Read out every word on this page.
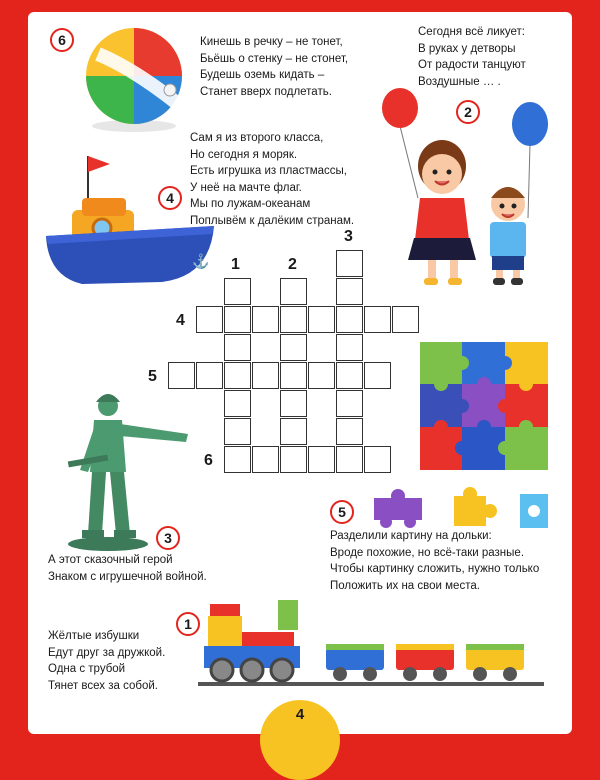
6	Кинешь в речку – не тонет,
Бьёшь о стенку – не стонет,
Будешь оземь кидать –
Станет вверх подлетать.
Сегодня всё ликует:
В руках у детворы
От радости танцуют
Воздушные … .
2
Сам я из второго класса,
Но сегодня я моряк.
Есть игрушка из пластмассы,
У неё на мачте флаг.
Мы по лужам-океанам
Поплывём к далёким странам.
⚓
4
1	2
3
4
5
6
3
А этот сказочный герой
Знаком с игрушечной войной.
5
Разделили картину на дольки:
Вроде похожие, но всё-таки разные.
Чтобы картинку сложить, нужно только
Положить их на свои места.
1
Жёлтые избушки
Едут друг за дружкой.
Одна с трубой
Тянет всех за собой.
4
